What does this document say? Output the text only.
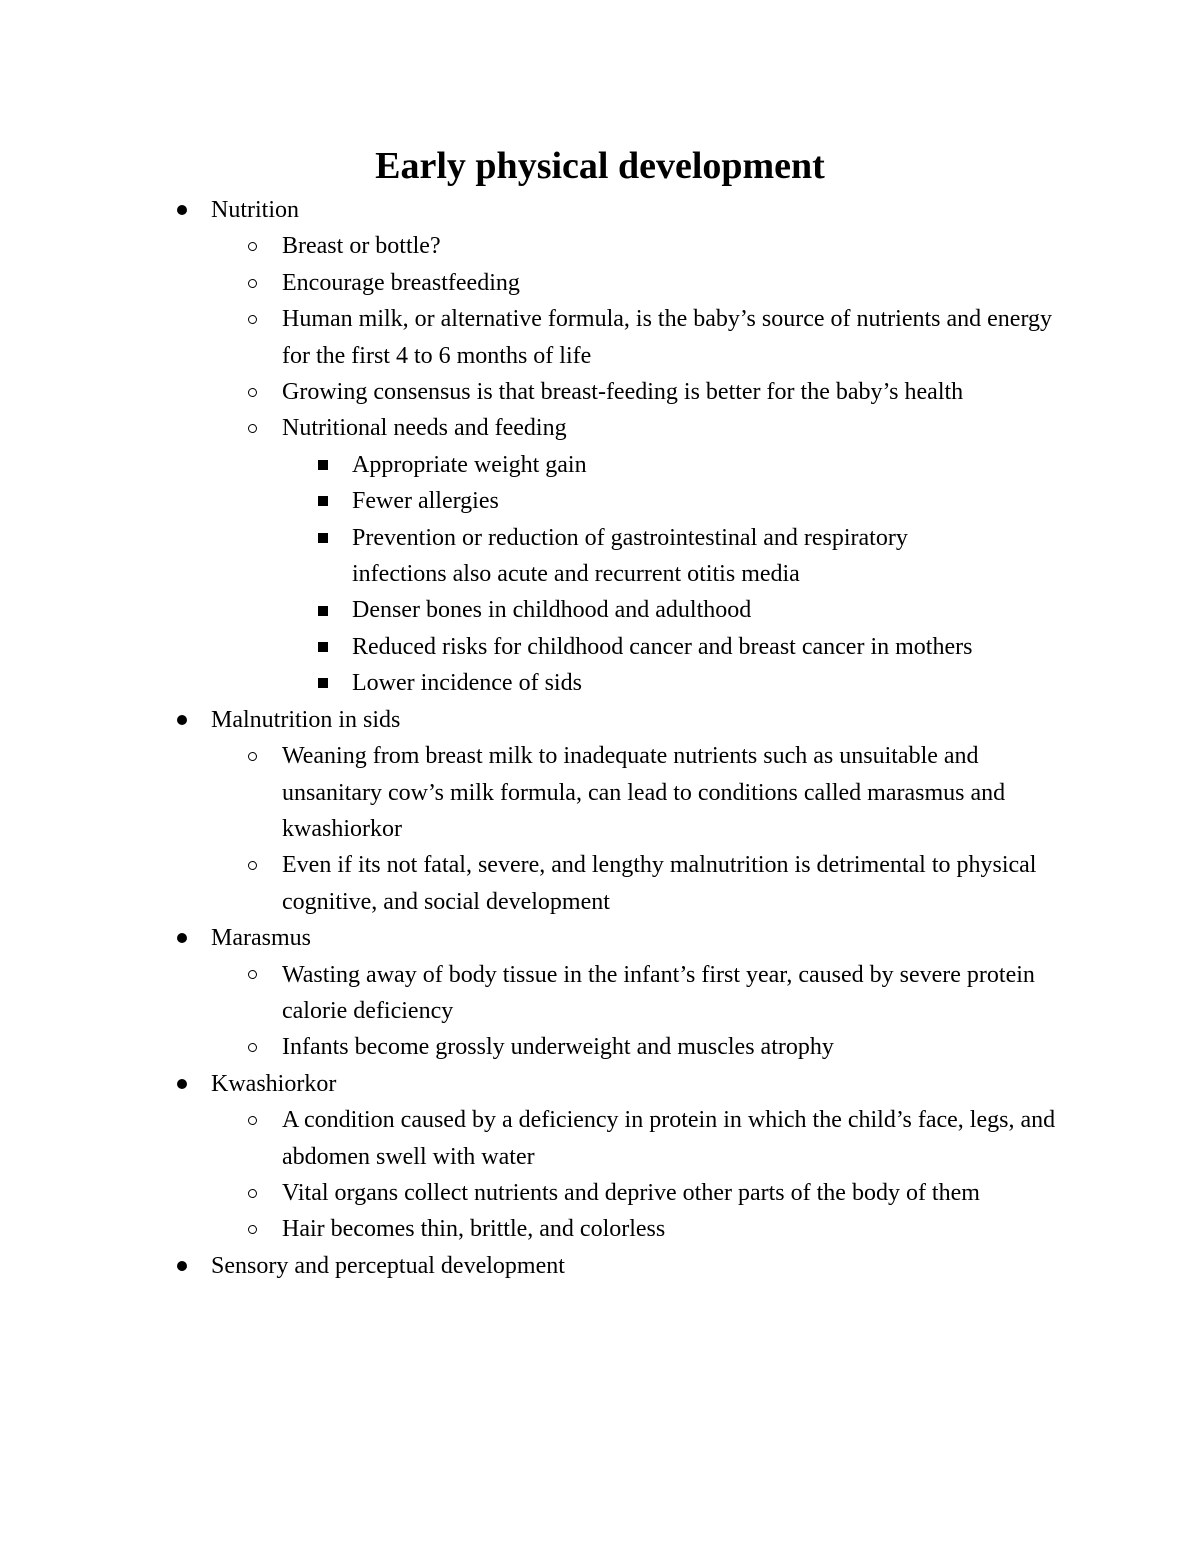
Early physical development
Nutrition
Breast or bottle?
Encourage breastfeeding
Human milk, or alternative formula, is the baby’s source of nutrients and energy for the first 4 to 6 months of life
Growing consensus is that breast-feeding is better for the baby’s health
Nutritional needs and feeding
Appropriate weight gain
Fewer allergies
Prevention or reduction of gastrointestinal and respiratory infections also acute and recurrent otitis media
Denser bones in childhood and adulthood
Reduced risks for childhood cancer and breast cancer in mothers
Lower incidence of sids
Malnutrition in sids
Weaning from breast milk to inadequate nutrients such as unsuitable and unsanitary cow’s milk formula, can lead to conditions called marasmus and kwashiorkor
Even if its not fatal, severe, and lengthy malnutrition is detrimental to physical cognitive, and social development
Marasmus
Wasting away of body tissue in the infant’s first year, caused by severe protein calorie deficiency
Infants become grossly underweight and muscles atrophy
Kwashiorkor
A condition caused by a deficiency in protein in which the child’s face, legs, and abdomen swell with water
Vital organs collect nutrients and deprive other parts of the body of them
Hair becomes thin, brittle, and colorless
Sensory and perceptual development
